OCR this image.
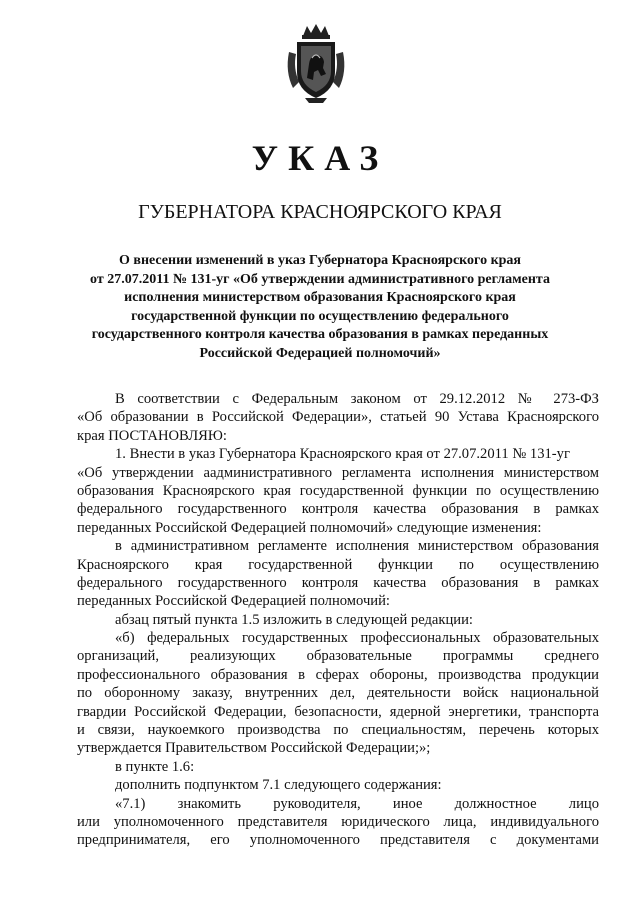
УКАЗ
ГУБЕРНАТОРА КРАСНОЯРСКОГО КРАЯ
О внесении изменений в указ Губернатора Красноярского края
от 27.07.2011 № 131-уг «Об утверждении административного регламента
исполнения министерством образования Красноярского края
государственной функции по осуществлению федерального
государственного контроля качества образования в рамках переданных
Российской Федерацией полномочий»
В соответствии с Федеральным законом от 29.12.2012 № 273-ФЗ
«Об образовании в Российской Федерации», статьей 90 Устава Красноярского
края ПОСТАНОВЛЯЮ:
1. Внести в указ Губернатора Красноярского края от 27.07.2011 № 131-уг
«Об утверждении аадминистративного регламента исполнения министерством
образования Красноярского края государственной функции по осуществлению
федерального государственного контроля качества образования в рамках
переданных Российской Федерацией полномочий» следующие изменения:
в административном регламенте исполнения министерством образования
Красноярского края государственной функции по осуществлению
федерального государственного контроля качества образования в рамках
переданных Российской Федерацией полномочий:
абзац пятый пункта 1.5 изложить в следующей редакции:
«б) федеральных государственных профессиональных образовательных
организаций, реализующих образовательные программы среднего
профессионального образования в сферах обороны, производства продукции
по оборонному заказу, внутренних дел, деятельности войск национальной
гвардии Российской Федерации, безопасности, ядерной энергетики, транспорта
и связи, наукоемкого производства по специальностям, перечень которых
утверждается Правительством Российской Федерации;»;
в пункте 1.6:
дополнить подпунктом 7.1 следующего содержания:
«7.1) знакомить руководителя, иное должностное лицо
или уполномоченного представителя юридического лица, индивидуального
предпринимателя, его уполномоченного представителя с документами
